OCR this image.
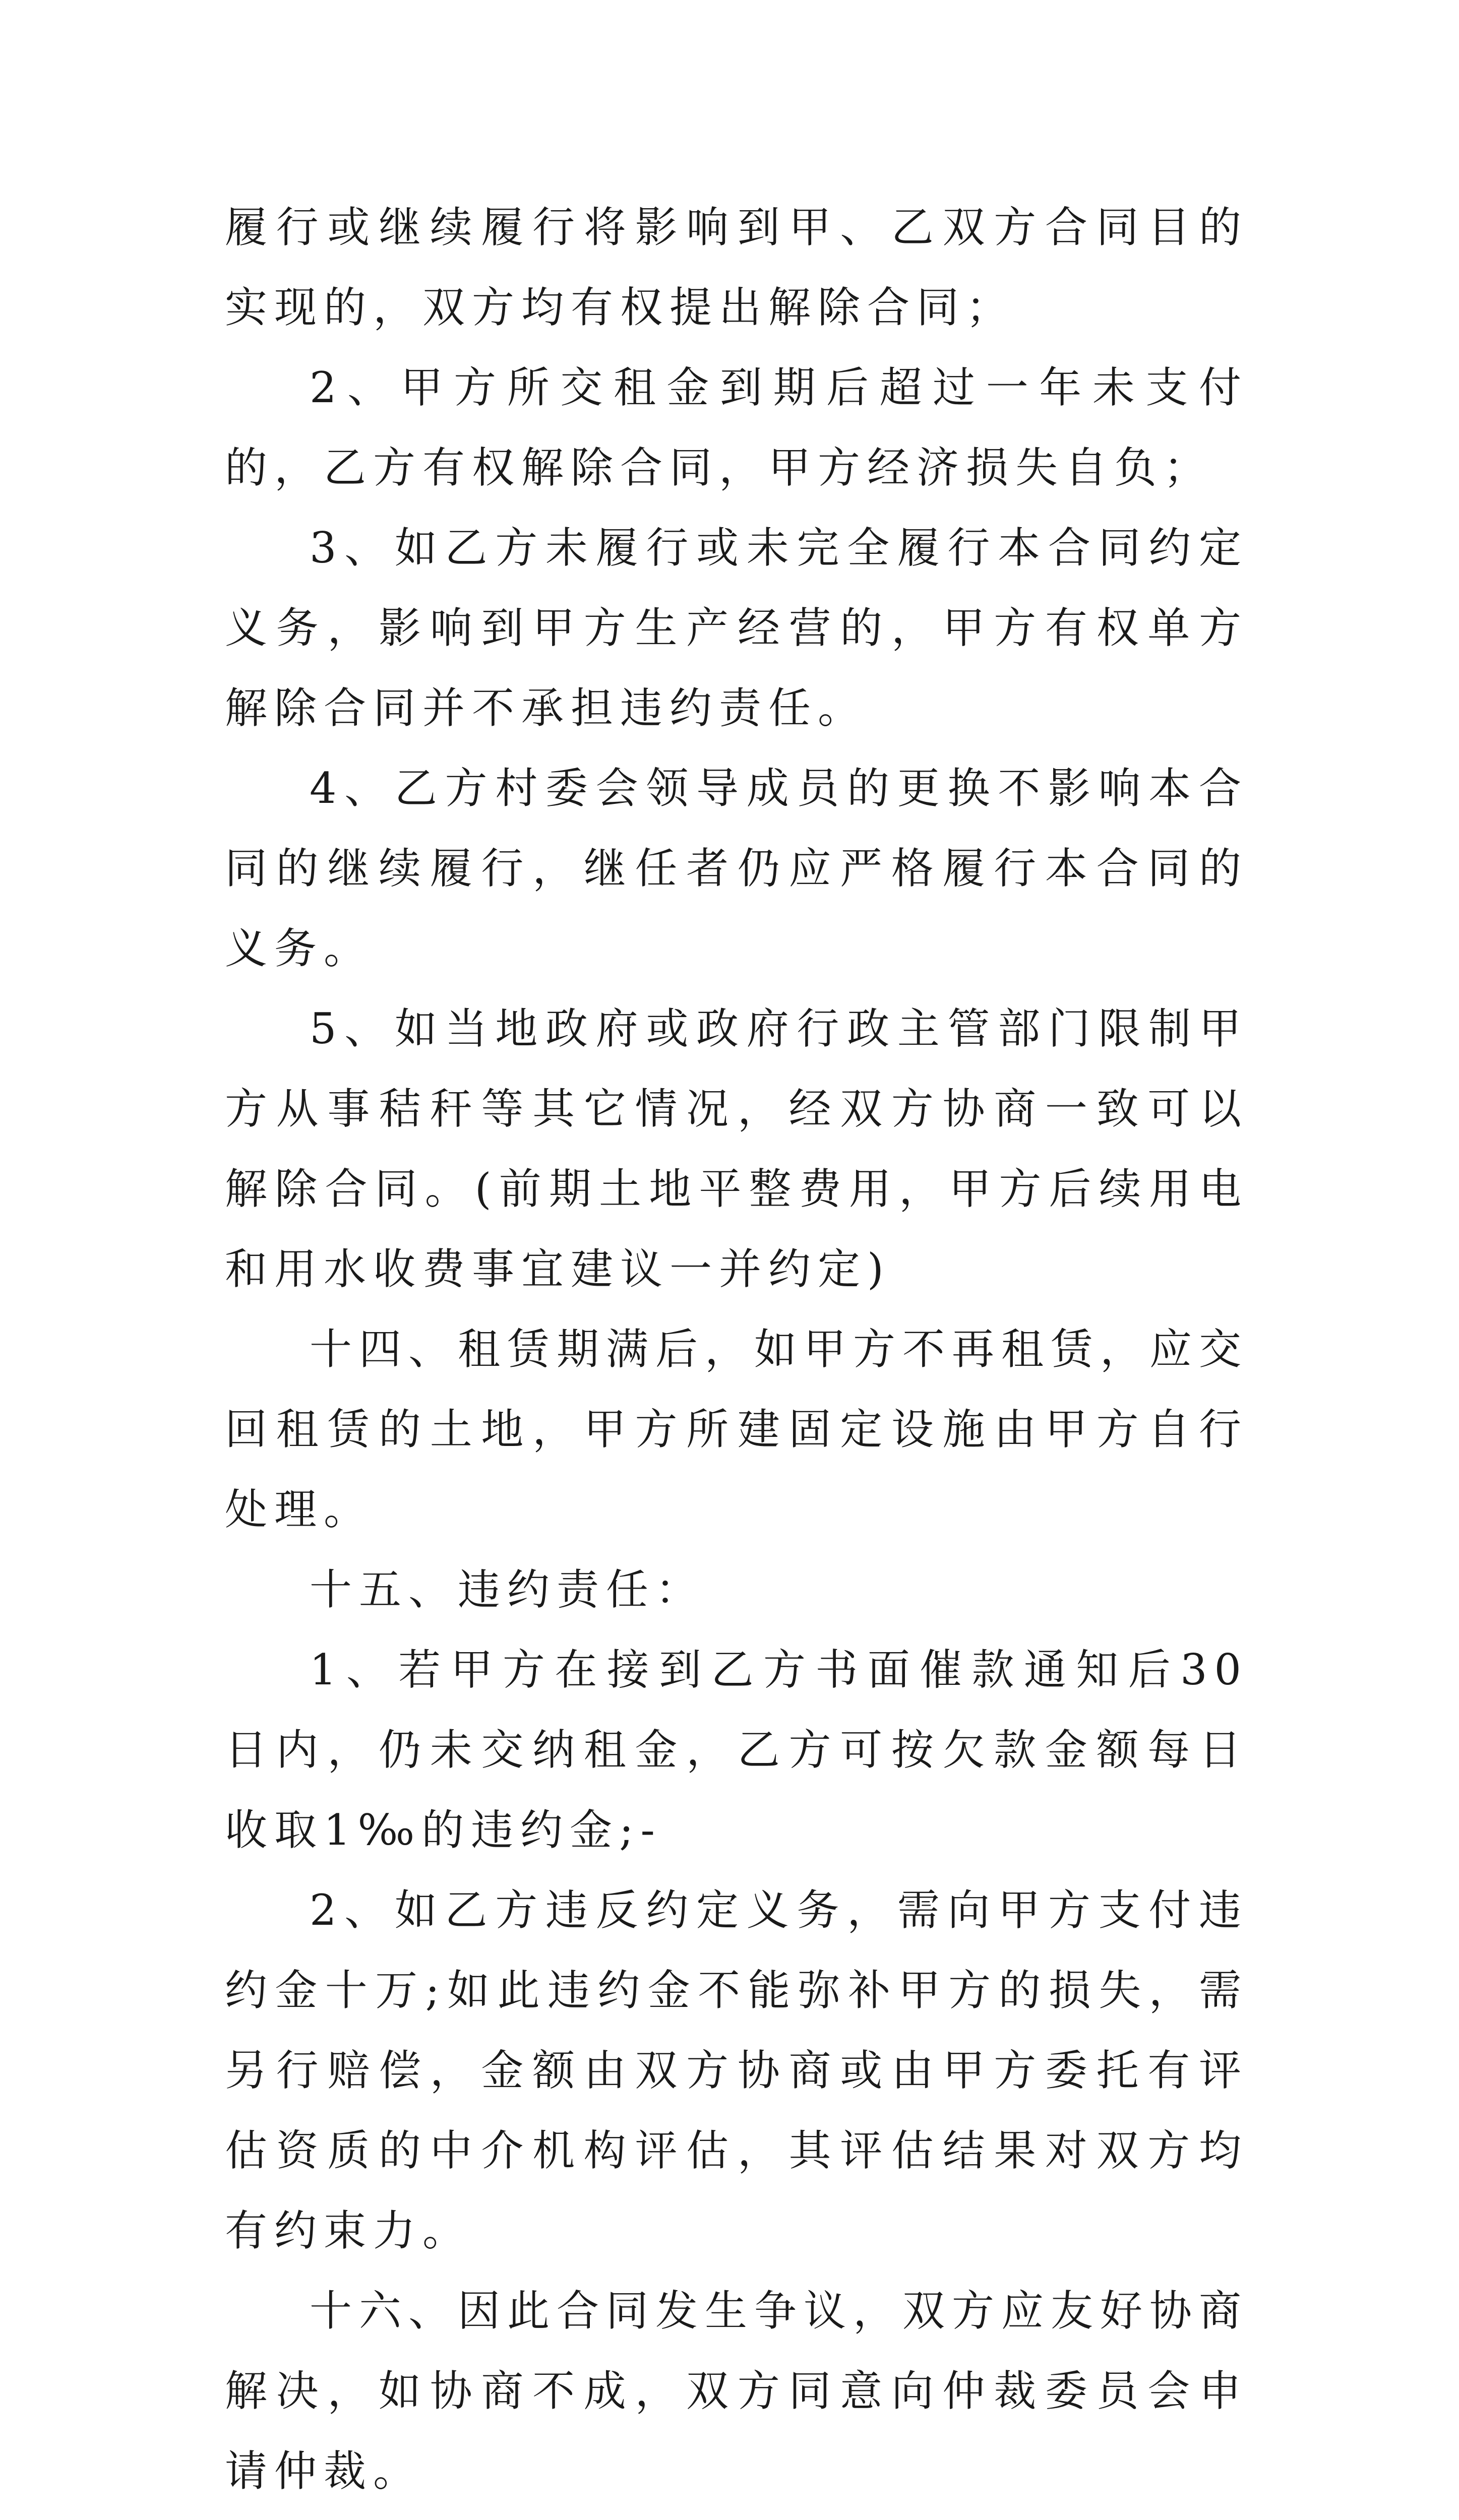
履行或继续履行将影响到甲、乙双方合同目的实现的，双方均有权提出解除合同；

2、甲方所交租金到期后超过一年未支付的，乙方有权解除合同，甲方经济损失自负；

3、如乙方未履行或未完全履行本合同约定义务，影响到甲方生产经营的，甲方有权单方解除合同并不承担违约责任。

4、乙方村委会领导成员的更换不影响本合同的继续履行，继任者仍应严格履行本合同的义务。

5、如当地政府或政府行政主管部门限制甲方从事秸秆等其它情况，经双方协商一致可以解除合同。(前期土地平整费用，甲方后续用电和用水收费事宜建议一并约定)

十四、租赁期满后，如甲方不再租赁，应交回租赁的土地，甲方所建固定设施由甲方自行处理。

十五、违约责任：

1、若甲方在接到乙方书面催款通知后30日内，仍未交纳租金，乙方可按欠款金额每日收取1‰的违约金;-

2、如乙方违反约定义务，需向甲方支付违约金十万;如此违约金不能弥补甲方的损失，需另行赔偿，金额由双方协商或由甲方委托有评估资质的中介机构评估，其评估结果对双方均有约束力。

十六、因此合同发生争议，双方应友好协商解决，如协商不成，双方同意向仲裁委员会申请仲裁。
